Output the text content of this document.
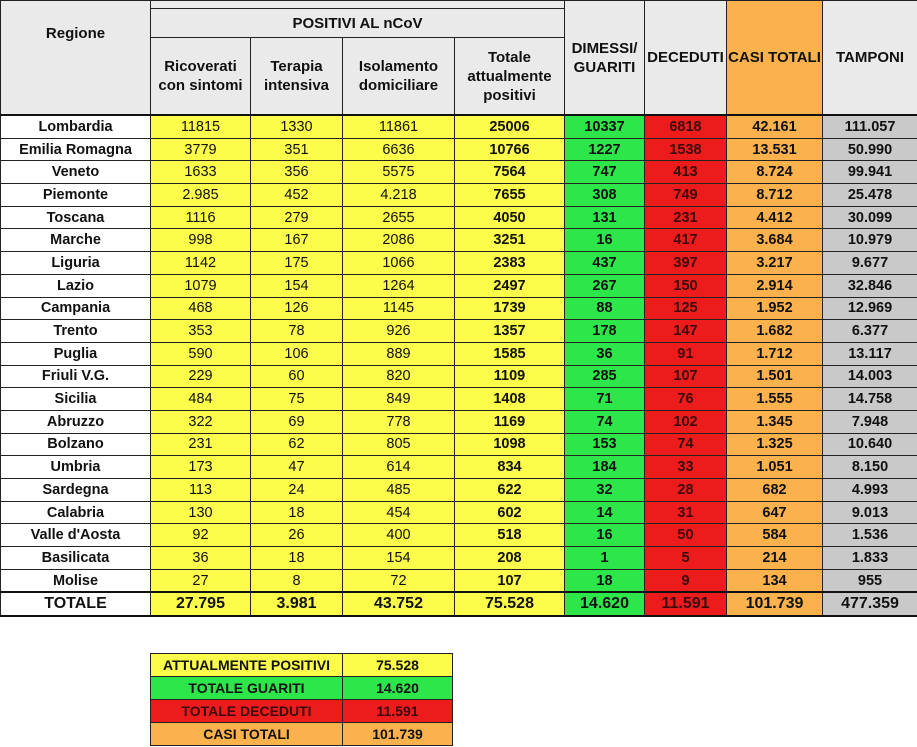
Regione					DIMESSI/ GUARITI	DECEDUTI	CASI TOTALI	TAMPONI
	POSITIVI AL nCoV							
	Ricoverati con sintomi	Terapia intensiva	Isolamento domiciliare	Totale attualmente positivi				
Lombardia	11815	1330	11861	25006	10337	6818	42.161	111.057
Emilia Romagna	3779	351	6636	10766	1227	1538	13.531	50.990
Veneto	1633	356	5575	7564	747	413	8.724	99.941
Piemonte	2.985	452	4.218	7655	308	749	8.712	25.478
Toscana	1116	279	2655	4050	131	231	4.412	30.099
Marche	998	167	2086	3251	16	417	3.684	10.979
Liguria	1142	175	1066	2383	437	397	3.217	9.677
Lazio	1079	154	1264	2497	267	150	2.914	32.846
Campania	468	126	1145	1739	88	125	1.952	12.969
Trento	353	78	926	1357	178	147	1.682	6.377
Puglia	590	106	889	1585	36	91	1.712	13.117
Friuli V.G.	229	60	820	1109	285	107	1.501	14.003
Sicilia	484	75	849	1408	71	76	1.555	14.758
Abruzzo	322	69	778	1169	74	102	1.345	7.948
Bolzano	231	62	805	1098	153	74	1.325	10.640
Umbria	173	47	614	834	184	33	1.051	8.150
Sardegna	113	24	485	622	32	28	682	4.993
Calabria	130	18	454	602	14	31	647	9.013
Valle d'Aosta	92	26	400	518	16	50	584	1.536
Basilicata	36	18	154	208	1	5	214	1.833
Molise	27	8	72	107	18	9	134	955
TOTALE	27.795	3.981	43.752	75.528	14.620	11.591	101.739	477.359
ATTUALMENTE POSITIVI	75.528
TOTALE GUARITI	14.620
TOTALE DECEDUTI	11.591
CASI TOTALI	101.739
